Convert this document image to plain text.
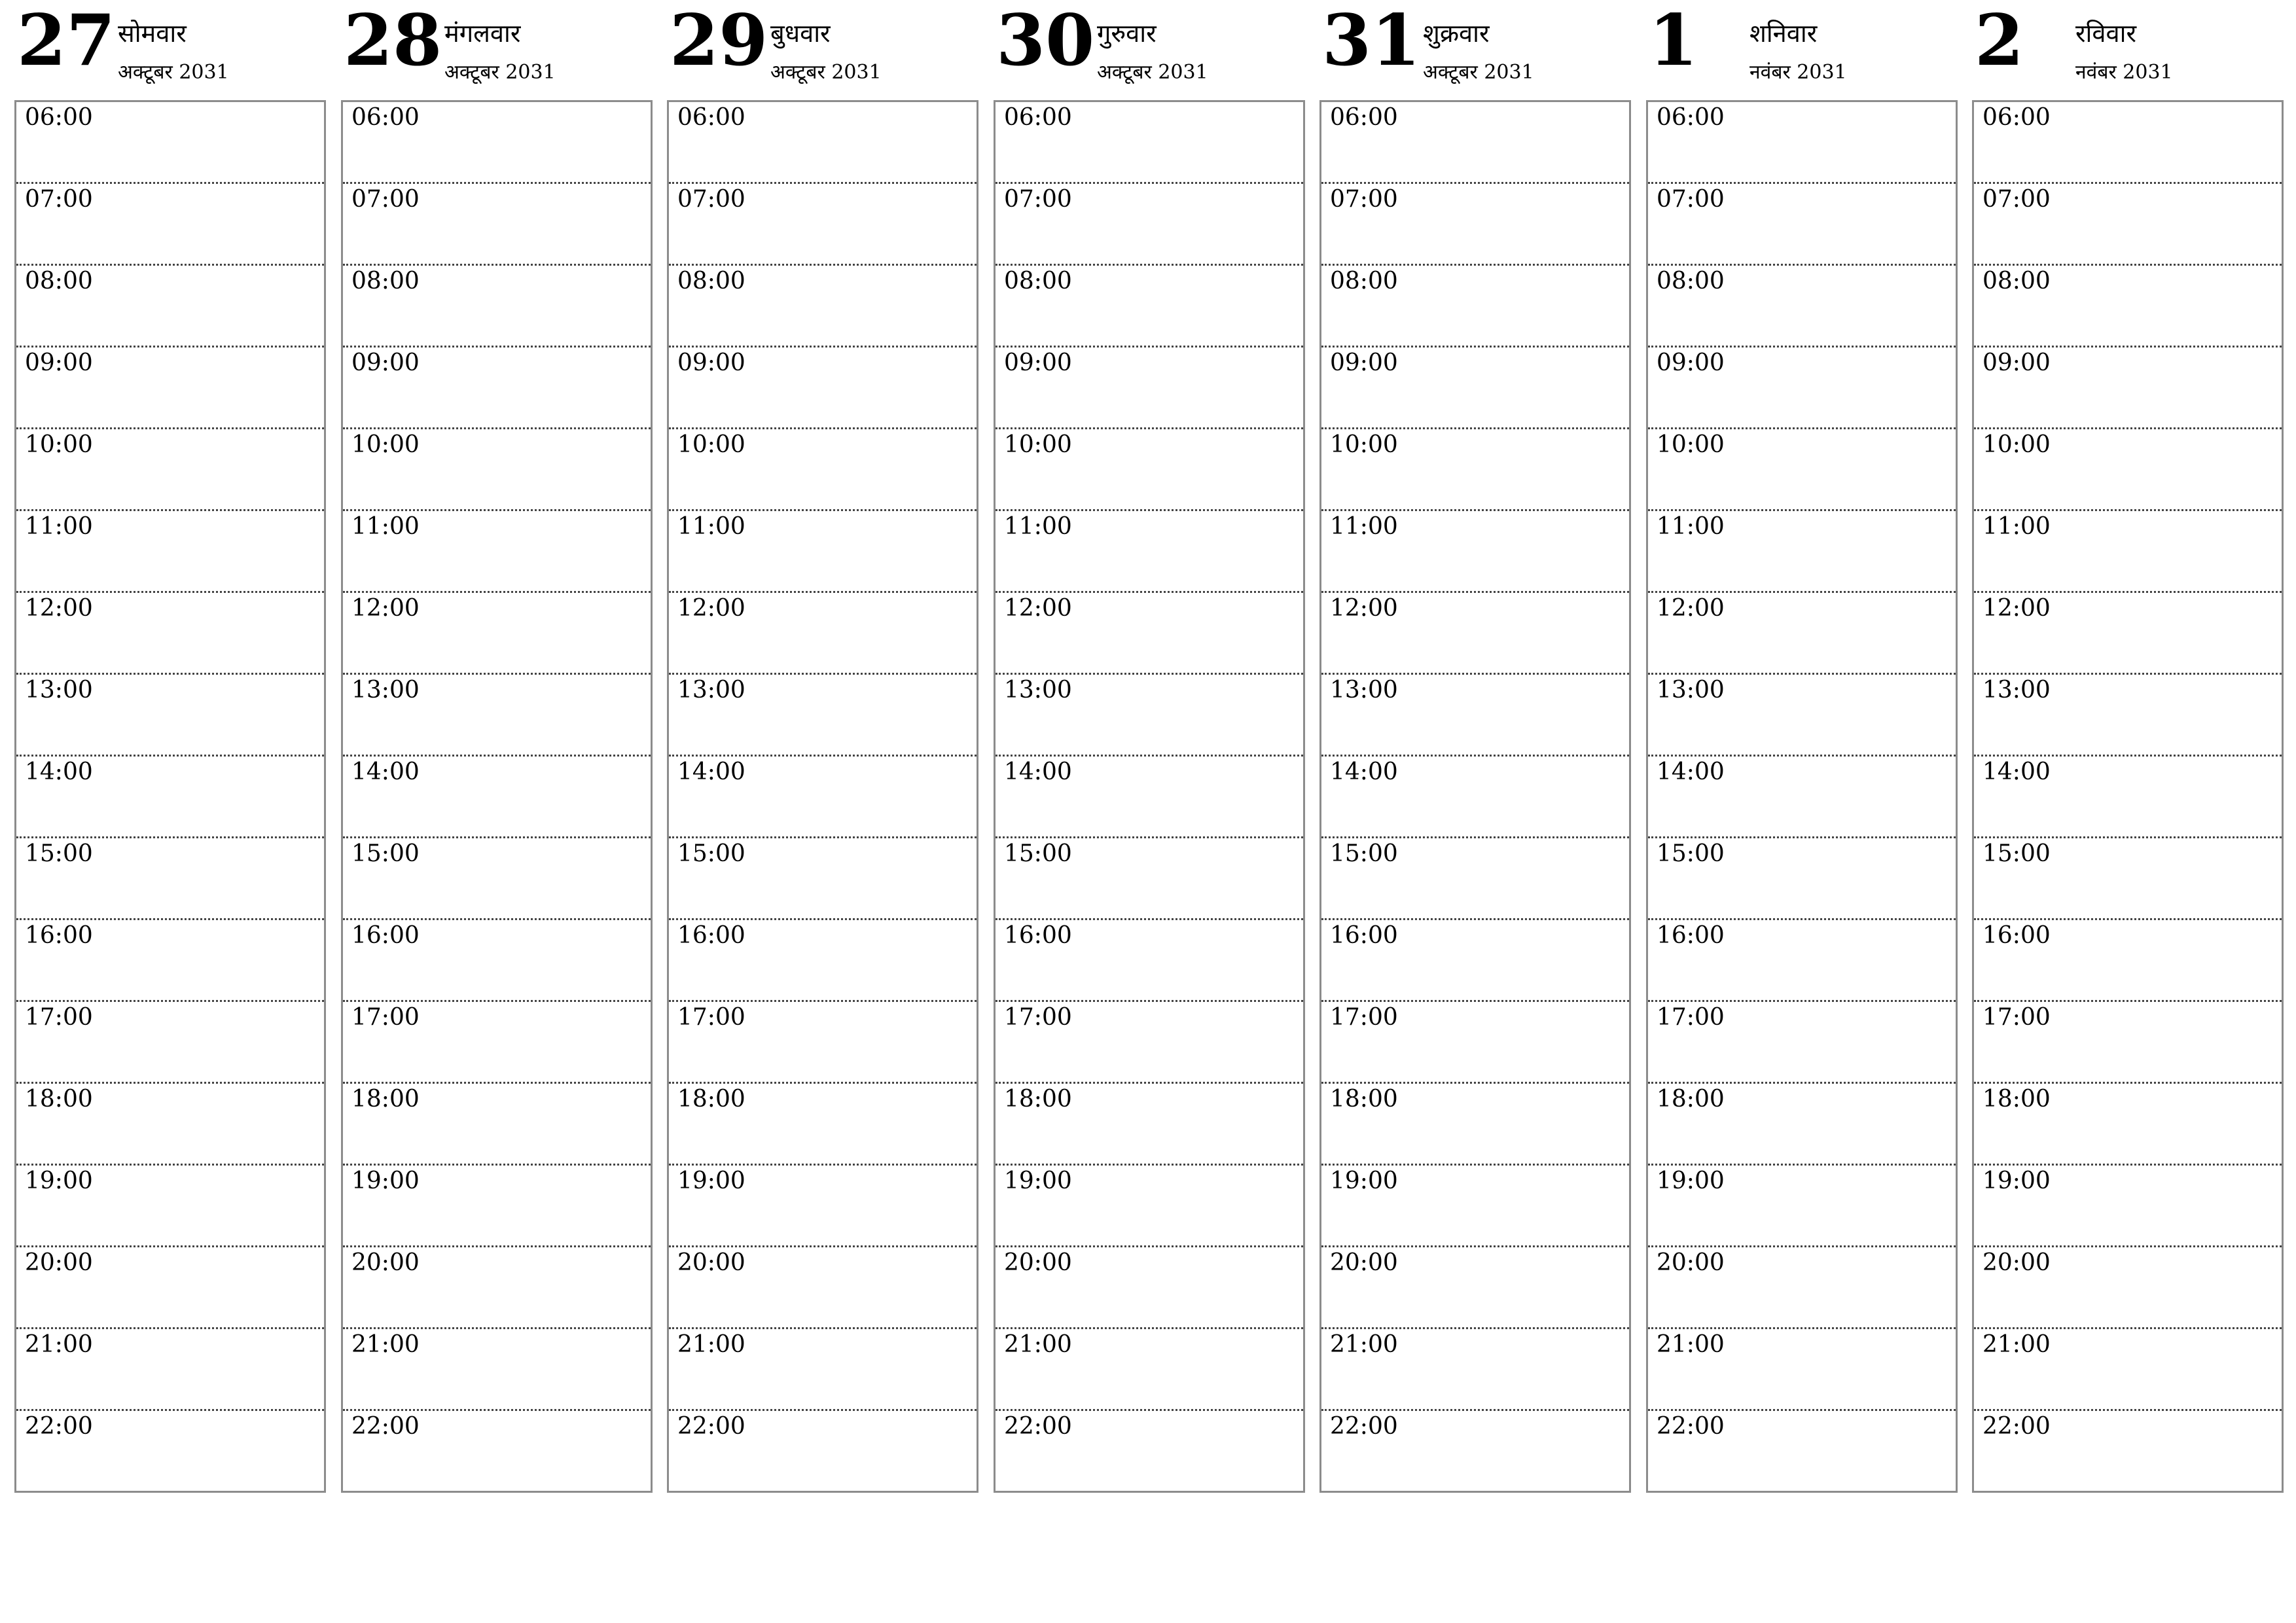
27 सोमवार
अक्टूबर 2031
06:00
07:00
08:00
09:00
10:00
11:00
12:00
13:00
14:00
15:00
16:00
17:00
18:00
19:00
20:00
21:00
22:00
28 मंगलवार
अक्टूबर 2031
06:00
07:00
08:00
09:00
10:00
11:00
12:00
13:00
14:00
15:00
16:00
17:00
18:00
19:00
20:00
21:00
22:00
29 बुधवार
अक्टूबर 2031
06:00
07:00
08:00
09:00
10:00
11:00
12:00
13:00
14:00
15:00
16:00
17:00
18:00
19:00
20:00
21:00
22:00
30 गुरुवार
अक्टूबर 2031
06:00
07:00
08:00
09:00
10:00
11:00
12:00
13:00
14:00
15:00
16:00
17:00
18:00
19:00
20:00
21:00
22:00
31 शुक्रवार
अक्टूबर 2031
06:00
07:00
08:00
09:00
10:00
11:00
12:00
13:00
14:00
15:00
16:00
17:00
18:00
19:00
20:00
21:00
22:00
1 शनिवार
नवंबर 2031
06:00
07:00
08:00
09:00
10:00
11:00
12:00
13:00
14:00
15:00
16:00
17:00
18:00
19:00
20:00
21:00
22:00
2 रविवार
नवंबर 2031
06:00
07:00
08:00
09:00
10:00
11:00
12:00
13:00
14:00
15:00
16:00
17:00
18:00
19:00
20:00
21:00
22:00
